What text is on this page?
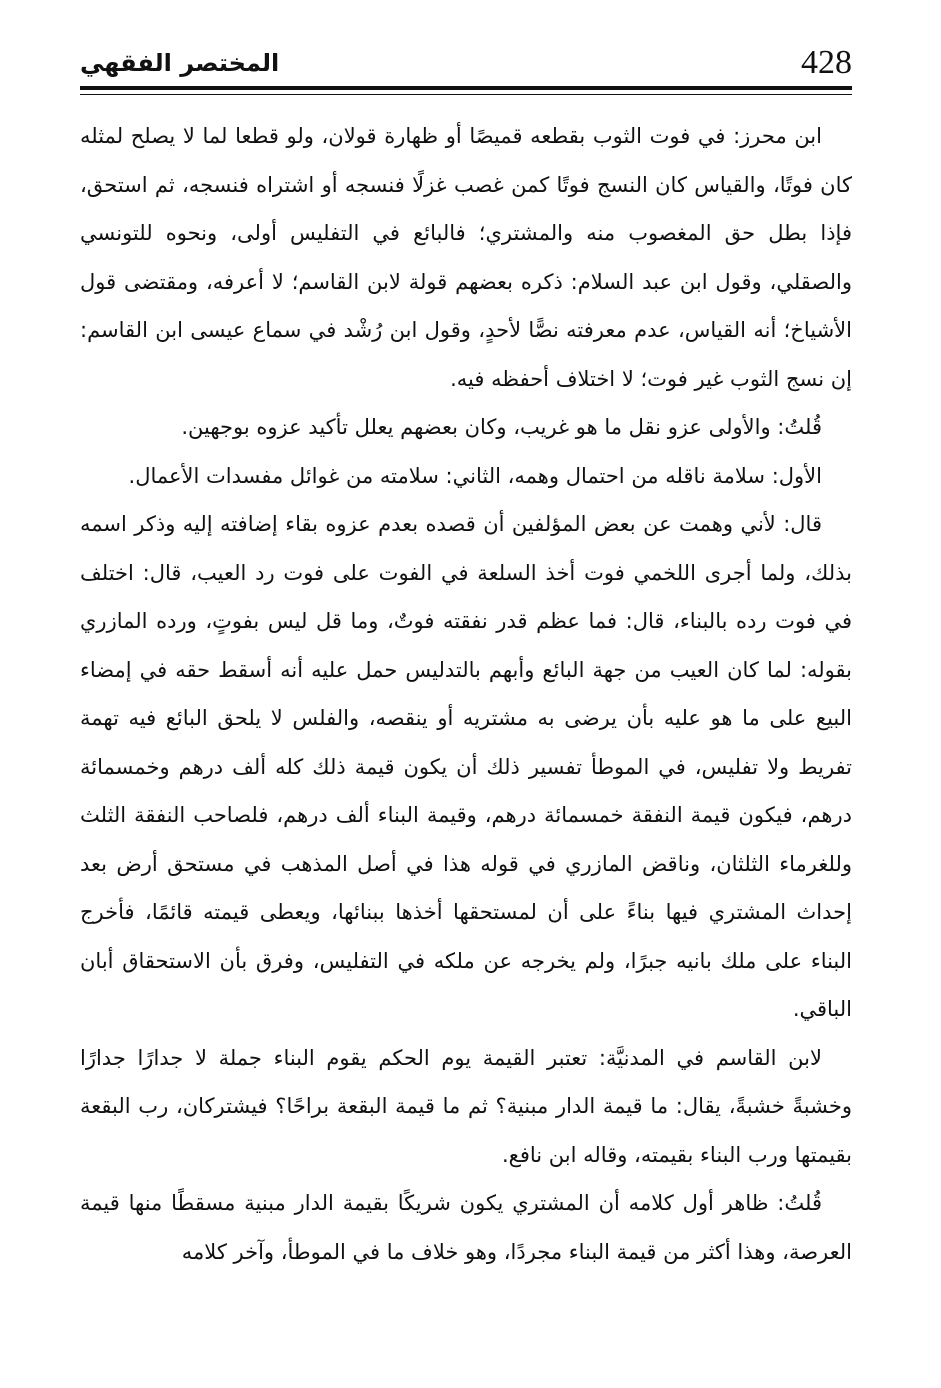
428
المختصر الفقهي

ابن محرز: في فوت الثوب بقطعه قميصًا أو ظهارة قولان، ولو قطعا لما لا يصلح لمثله كان فوتًا، والقياس كان النسج فوتًا كمن غصب غزلًا فنسجه أو اشتراه فنسجه، ثم استحق، فإذا بطل حق المغصوب منه والمشتري؛ فالبائع في التفليس أولى، ونحوه للتونسي والصقلي، وقول ابن عبد السلام: ذكره بعضهم قولة لابن القاسم؛ لا أعرفه، ومقتضى قول الأشياخ؛ أنه القياس، عدم معرفته نصًّا لأحدٍ، وقول ابن رُشْد في سماع عيسى ابن القاسم: إن نسج الثوب غير فوت؛ لا اختلاف أحفظه فيه.

قُلتُ: والأولى عزو نقل ما هو غريب، وكان بعضهم يعلل تأكيد عزوه بوجهين.

الأول: سلامة ناقله من احتمال وهمه، الثاني: سلامته من غوائل مفسدات الأعمال.

قال: لأني وهمت عن بعض المؤلفين أن قصده بعدم عزوه بقاء إضافته إليه وذكر اسمه بذلك، ولما أجرى اللخمي فوت أخذ السلعة في الفوت على فوت رد العيب، قال: اختلف في فوت رده بالبناء، قال: فما عظم قدر نفقته فوتٌ، وما قل ليس بفوتٍ، ورده المازري بقوله: لما كان العيب من جهة البائع وأبهم بالتدليس حمل عليه أنه أسقط حقه في إمضاء البيع على ما هو عليه بأن يرضى به مشتريه أو ينقصه، والفلس لا يلحق البائع فيه تهمة تفريط ولا تفليس، في الموطأ تفسير ذلك أن يكون قيمة ذلك كله ألف درهم وخمسمائة درهم، فيكون قيمة النفقة خمسمائة درهم، وقيمة البناء ألف درهم، فلصاحب النفقة الثلث وللغرماء الثلثان، وناقض المازري في قوله هذا في أصل المذهب في مستحق أرض بعد إحداث المشتري فيها بناءً على أن لمستحقها أخذها ببنائها، ويعطى قيمته قائمًا، فأخرج البناء على ملك بانيه جبرًا، ولم يخرجه عن ملكه في التفليس، وفرق بأن الاستحقاق أبان الباقي.

لابن القاسم في المدنيَّة: تعتبر القيمة يوم الحكم يقوم البناء جملة لا جدارًا جدارًا وخشبةً خشبةً، يقال: ما قيمة الدار مبنية؟ ثم ما قيمة البقعة براحًا؟ فيشتركان، رب البقعة بقيمتها ورب البناء بقيمته، وقاله ابن نافع.

قُلتُ: ظاهر أول كلامه أن المشتري يكون شريكًا بقيمة الدار مبنية مسقطًا منها قيمة العرصة، وهذا أكثر من قيمة البناء مجردًا، وهو خلاف ما في الموطأ، وآخر كلامه
